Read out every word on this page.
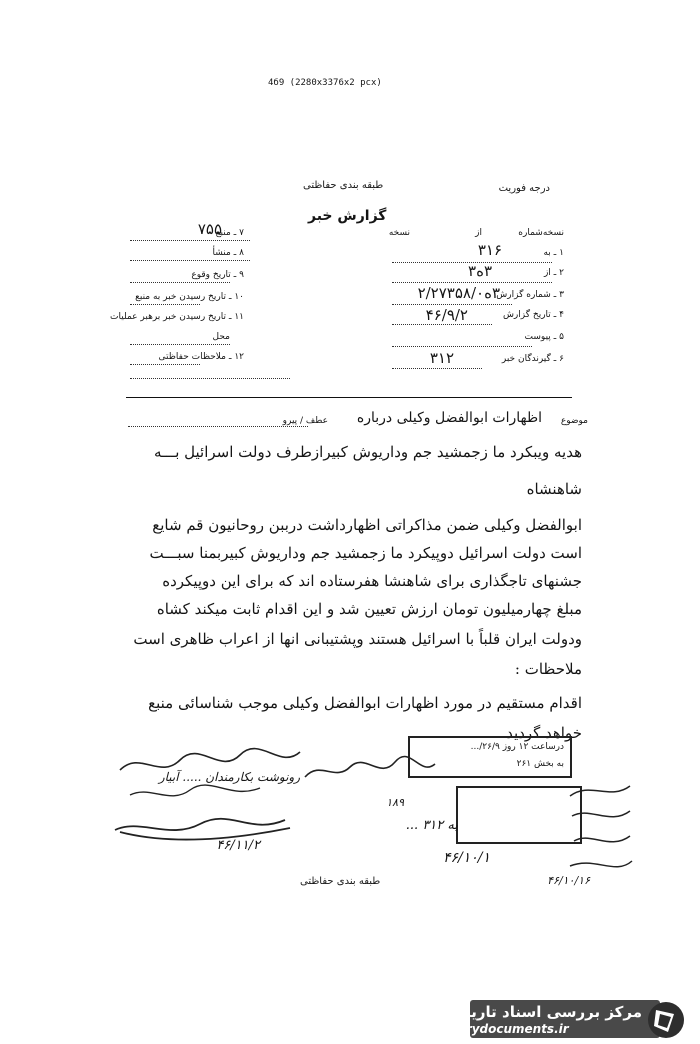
4б9 (2280x3376x2 pcx)
درجه فوریت
طبقه بندی حفاظتی
گزارش خبر
نسخه‌شماره
از
نسخه
۱ ـ به
۳۱۶
۲ ـ از
۳ه۳
۳ ـ شماره گزارش
۳ه۲/۲۷۳۵۸/۰
۴ ـ تاریخ گزارش
۴۶/۹/۲
۵ ـ پیوست
۶ ـ گیرندگان خبر
۳۱۲
۷ ـ منبع
۷۵۵
۸ ـ منشأ
۹ ـ تاریخ وقوع
۱۰ ـ تاریخ رسیدن خبر به منبع
۱۱ ـ تاریخ رسیدن خبر برهبر عملیات
محل
۱۲ ـ ملاحظات حفاظتی
موضوع
اظهارات ابوالفضل وکیلی درباره
عطف / پیرو
هدیه ویبکرد ما زجمشید جم وداریوش کبیرازطرف دولت اسرائیل بـــه
شاهنشاه
ابوالفضل وکیلی ضمن مذاکراتی اظهارداشت درببن روحانیون قم شایع
است دولت اسرائیل دوپیکرد ما زجمشید جم وداریوش کبیربمنا سبـــت
جشنهای تاجگذاری برای شاهنشا هفرستاده اند که برای این دوپیکرده
مبلغ چهارمیلیون تومان ارزش تعیین شد و این اقدام ثابت میکند کشاه
ودولت ایران قلباً با اسرائیل هستند وپشتیبانی انها از اعراب ظاهری است
ملاحظات :
اقدام مستقیم در مورد اظهارات ابوالفضل وکیلی موجب شناسائی منبع
خواهد گردید .
درساعت ۱۲ روز ۲۶/۹/...
به بخش ۲۶۱
رونوشت بکارمندان ..... آبیار
۴۶/۱۱/۲
۱۸۹
به ۳۱۲ ...
۴۶/۱۰/۱
۴۶/۱۰/۱۶
طبقه بندی حفاظتی
مرکز بررسی اسناد تاریخی
historydocuments.ir
